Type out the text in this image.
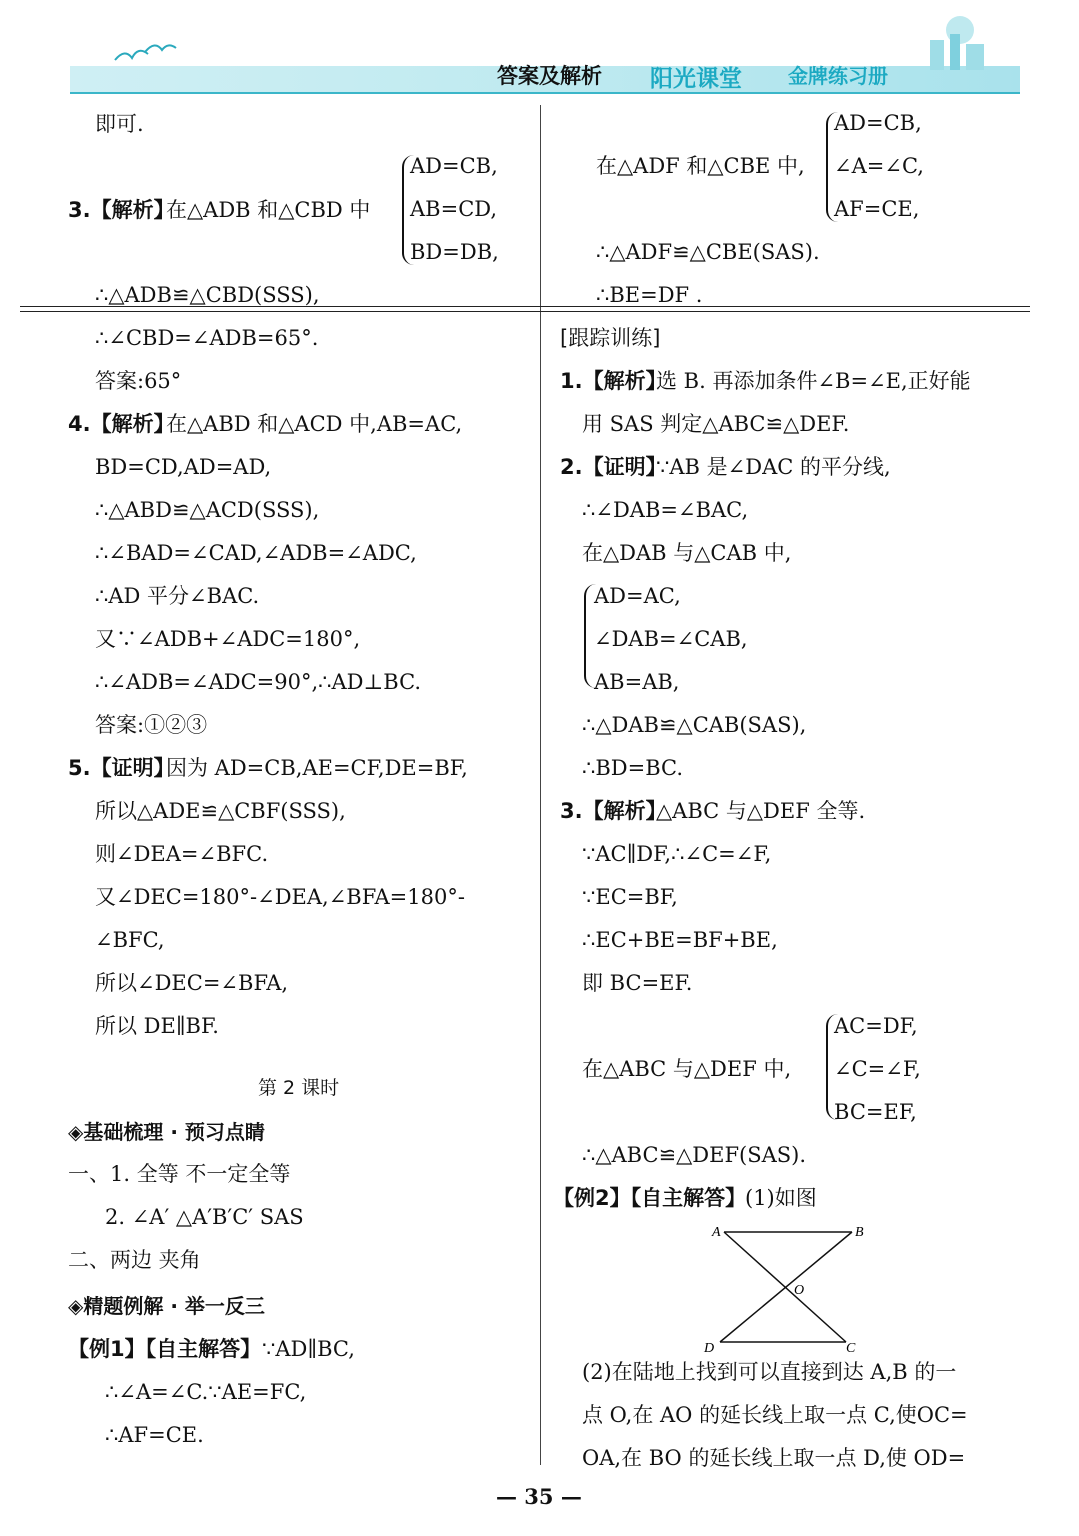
答案及解析 阳光课堂 金牌练习册
即可.
3.【解析】
在△ADB 和△CBD 中
AD=CB,
AB=CD,
BD=DB,
∴△ADB≌△CBD(SSS),
∴∠CBD=∠ADB=65°.
答案:65°
4.【解析】
在△ABD 和△ACD 中,AB=AC,
BD=CD,AD=AD,
∴△ABD≌△ACD(SSS),
∴∠BAD=∠CAD,∠ADB=∠ADC,
∴AD 平分∠BAC.
又∵∠ADB+∠ADC=180°,
∴∠ADB=∠ADC=90°,∴AD⊥BC.
答案:①②③
5.【证明】
因为 AD=CB,AE=CF,DE=BF,
所以△ADE≌△CBF(SSS),
则∠DEA=∠BFC.
又∠DEC=180°-∠DEA,∠BFA=180°-
∠BFC,
所以∠DEC=∠BFA,
所以 DE∥BF.
第 2 课时
◈基础梳理 · 预习点睛
一、1. 全等 不一定全等
2. ∠A′ △A′B′C′ SAS
二、两边 夹角
◈精题例解 · 举一反三
【例1】【自主解答】 ∵AD∥BC,
∴∠A=∠C.∵AE=FC,
∴AF=CE.
在△ADF 和△CBE 中,
AD=CB,
∠A=∠C,
AF=CE,
∴△ADF≌△CBE(SAS).
∴BE=DF .
[跟踪训练]
1.【解析】
选 B. 再添加条件∠B=∠E,正好能
用 SAS 判定△ABC≌△DEF.
2.【证明】
∵AB 是∠DAC 的平分线,
∴∠DAB=∠BAC,
在△DAB 与△CAB 中,
AD=AC,
∠DAB=∠CAB,
AB=AB,
∴△DAB≌△CAB(SAS),
∴BD=BC.
3.【解析】
△ABC 与△DEF 全等.
∵AC∥DF,∴∠C=∠F,
∵EC=BF,
∴EC+BE=BF+BE,
即 BC=EF.
在△ABC 与△DEF 中,
AC=DF,
∠C=∠F,
BC=EF,
∴△ABC≌△DEF(SAS).
【例2】【自主解答】
(1)如图
A	B
O
D	C
(2)在陆地上找到可以直接到达 A,B 的一
点 O,在 AO 的延长线上取一点 C,使OC=
OA,在 BO 的延长线上取一点 D,使 OD=
— 35 —
